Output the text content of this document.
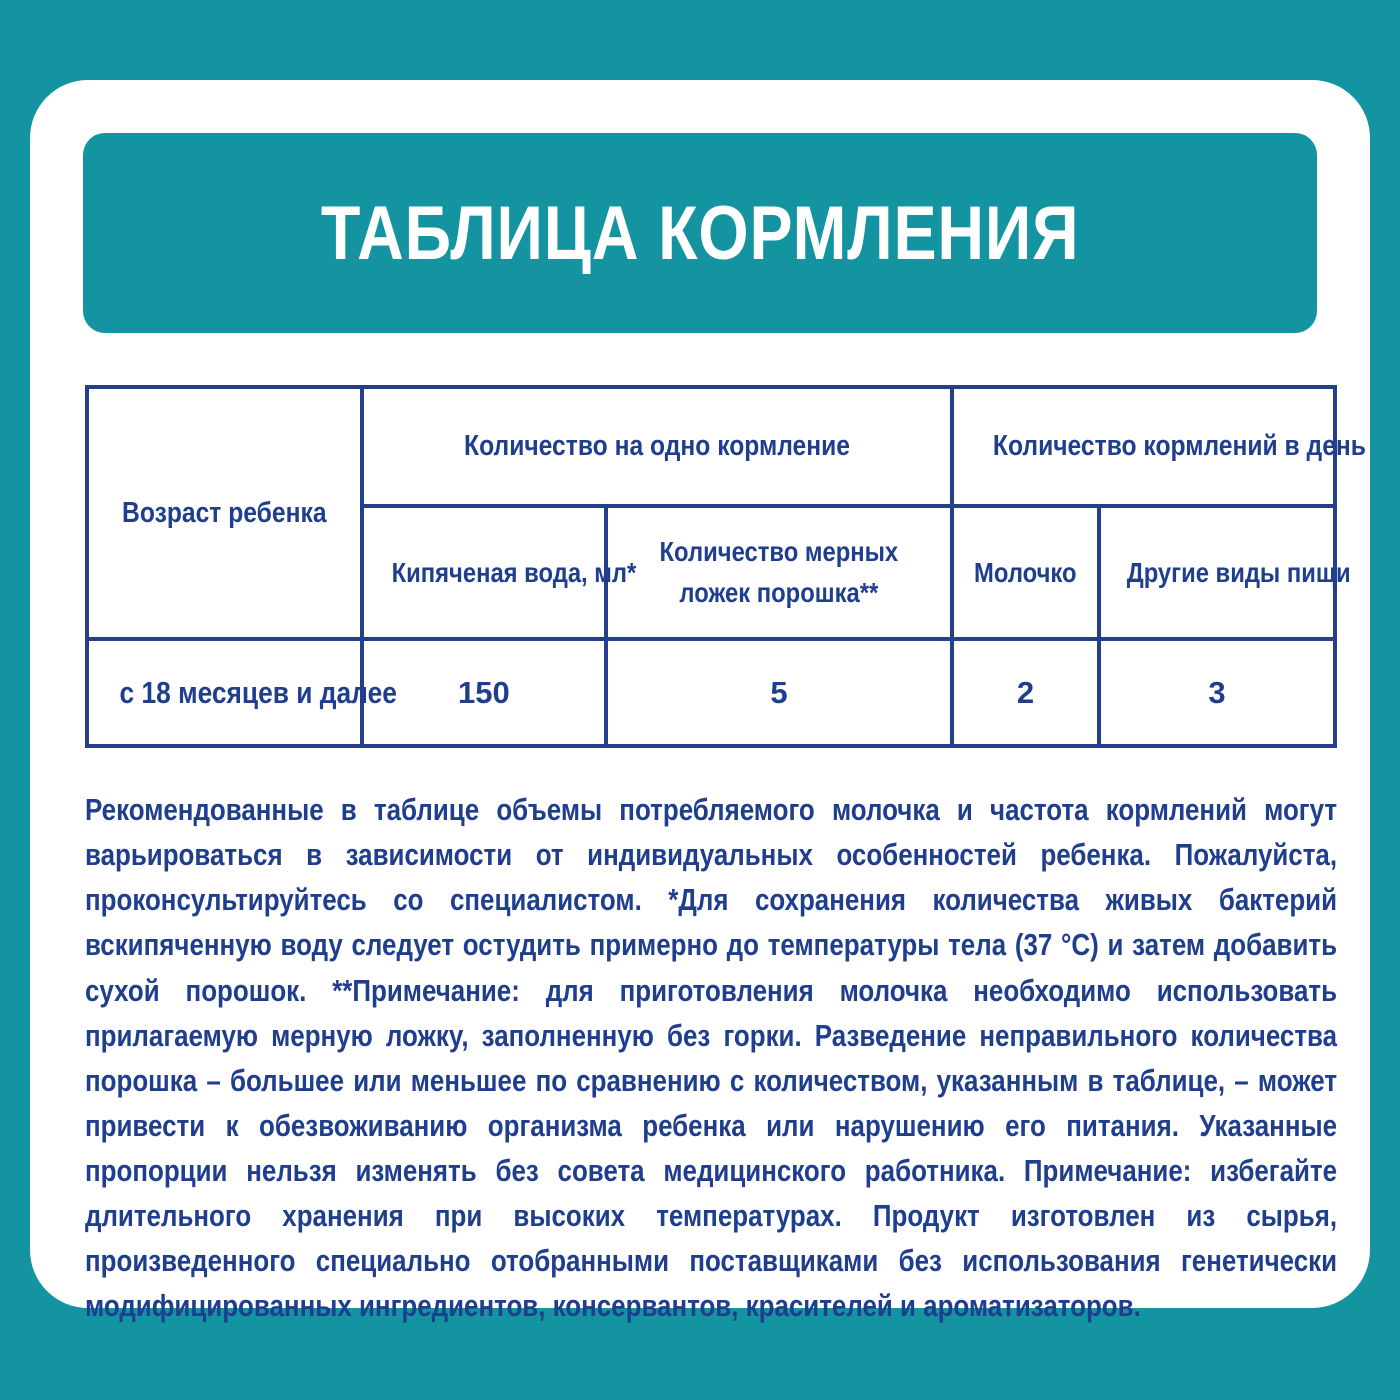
ТАБЛИЦА КОРМЛЕНИЯ
Возраст ребенка	Количество на одно кормление		Количество кормлений в день	
	Кипяченая вода, мл*	Количество мерных ложек порошка**	Молочко	Другие виды пищи
с 18 месяцев и далее	150	5	2	3
Рекомендованные в таблице объемы потребляемого молочка и частота кормлений могут варьироваться в зависимости от индивидуальных особенностей ребенка. Пожалуйста, проконсультируйтесь со специалистом. *Для сохранения количества живых бактерий вскипяченную воду следует остудить примерно до температуры тела (37 °C) и затем добавить сухой порошок. **Примечание: для приготовления молочка необходимо использовать прилагаемую мерную ложку, заполненную без горки. Разведение неправильного количества порошка – большее или меньшее по сравнению с количеством, указанным в таблице, – может привести к обезвоживанию организма ребенка или нарушению его питания. Указанные пропорции нельзя изменять без совета медицинского работника. Примечание: избегайте длительного хранения при высоких температурах. Продукт изготовлен из сырья, произведенного специально отобранными поставщиками без использования генетически модифицированных ингредиентов, консервантов, красителей и ароматизаторов.
